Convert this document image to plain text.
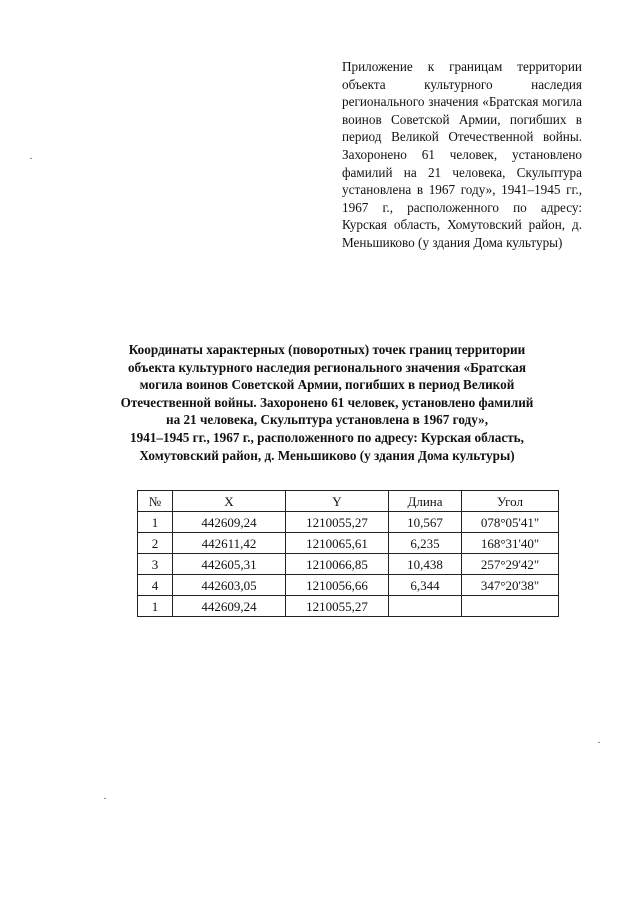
Приложение к границам территории объекта культурного наследия регионального значения «Братская могила воинов Советской Армии, погибших в период Великой Отечественной войны. Захоронено 61 человек, установлено фамилий на 21 человека, Скульптура установлена в 1967 году», 1941–1945 гг., 1967 г., расположенного по адресу: Курская область, Хомутовский район, д. Меньшиково (у здания Дома культуры)
Координаты характерных (поворотных) точек границ территории
объекта культурного наследия регионального значения «Братская
могила воинов Советской Армии, погибших в период Великой
Отечественной войны. Захоронено 61 человек, установлено фамилий
на 21 человека, Скульптура установлена в 1967 году»,
1941–1945 гг., 1967 г., расположенного по адресу: Курская область,
Хомутовский район, д. Меньшиково (у здания Дома культуры)
№	X	Y	Длина	Угол
1	442609,24	1210055,27	10,567	078°05'41"
2	442611,42	1210065,61	6,235	168°31'40"
3	442605,31	1210066,85	10,438	257°29'42"
4	442603,05	1210056,66	6,344	347°20'38"
1	442609,24	1210055,27		
